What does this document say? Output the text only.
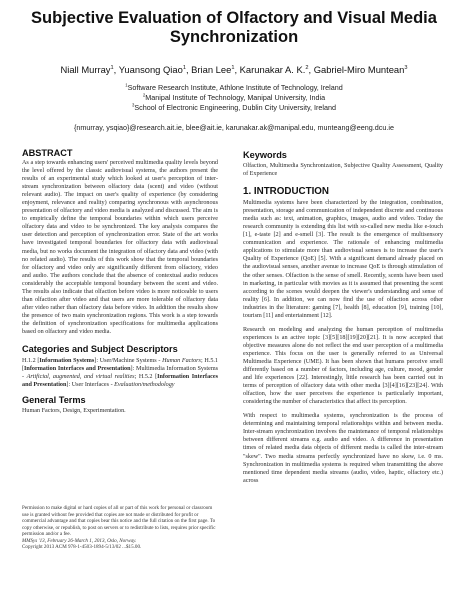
Subjective Evaluation of Olfactory and Visual Media Synchronization
Niall Murray$^1$, Yuansong Qiao$^1$, Brian Lee$^1$, Karunakar A. K.$^2$, Gabriel-Miro Muntean$^3$
$^1$Software Research Institute, Athlone Institute of Technology, Ireland
$^2$Manipal Institute of Technology, Manipal University, India
$^3$School of Electronic Engineering, Dublin City University, Ireland
{nmurray, ysqiao}@research.ait.ie, blee@ait.ie, karunakar.ak@manipal.edu, munteang@eeng.dcu.ie
ABSTRACT
As a step towards enhancing users' perceived multimedia quality levels beyond the level offered by the classic audiovisual systems, the authors present the results of an experimental study which looked at user's perception of inter-stream synchronization between olfactory data (scent) and video (without relevant audio). The impact on user's quality of experience (by considering enjoyment, relevance and reality) comparing synchronous with asynchronous presentation of olfactory and video media is analyzed and discussed. The aim is to empirically define the temporal boundaries within which users perceive olfactory data and video to be synchronized. The key analysis compares the user detection and perception of synchronization error. State of the art works have investigated temporal boundaries for olfactory data with audiovisual media, but no works document the integration of olfactory data and video (with no related audio). The results of this work show that the temporal boundaries for olfactory and video only are significantly different from olfactory, video and audio. The authors conclude that the absence of contextual audio reduces considerably the acceptable temporal boundary between the scent and video. The results also indicate that olfaction before video is more noticeable to users than olfaction after video and that users are more tolerable of olfactory data after video rather than olfactory data before video. In addition the results show the presence of two main synchronization regions. This work is a step towards the definition of synchronization specifications for multimedia applications based on olfactory and video media.
Categories and Subject Descriptors
H.1.2 [Information Systems]: User/Machine Systems - Human Factors; H.5.1 [Information Interfaces and Presentation]: Multimedia Information Systems - Artificial, augmented, and virtual realities; H.5.2 [Information Interfaces and Presentation]: User Interfaces - Evaluation/methodology
General Terms
Human Factors, Design, Experimentation.

Permission to make digital or hard copies of all or part of this work for personal or classroom use is granted without fee provided that copies are not made or distributed for profit or commercial advantage and that copies bear this notice and the full citation on the first page. To copy otherwise, or republish, to post on servers or to redistribute to lists, requires prior specific permission and/or a fee.

MMSys '13, February 26-March 1, 2013, Oslo, Norway.

Copyright 2013 ACM 978-1-4503-1894-5/13/02 ...$15.00.

Keywords
Olfaction, Multimedia Synchronization, Subjective Quality Assessment, Quality of Experience
1. INTRODUCTION

Multimedia systems have been characterized by the integration, combination, presentation, storage and communication of independent discrete and continuous media such as: text, animation, graphics, images, audio and video. Today the research community is extending this list with so-called new media like e-touch [1], e-taste [2] and e-smell [3]. The result is the emergence of multisensory communication and experience. The rationale of enhancing multimedia applications to stimulate more than audiovisual senses is to increase the user's Quality of Experience (QoE) [5]. With a significant demand already placed on the audiovisual senses, another avenue to increase QoE is through stimulation of the other senses. Olfaction is the sense of smell. Recently, scents have been used in marketing, in particular with movies as it is assumed that presenting the scent according to the scenes would deepen the viewer's understanding and sense of reality [6]. In addition, we can now find the use of olfaction across other industries in the literature: gaming [7], health [8], education [9], training [10], tourism [11] and entertainment [12].

Research on modeling and analyzing the human perception of multimedia experiences is an active topic [3][5][18][19][20][21]. It is now accepted that objective measures alone do not reflect the end user perception of a multimedia experience. This focus on the user is generally referred to as Universal Multimedia Experience (UME). It has been shown that humans perceive smell differently based on a number of factors, including age, culture, mood, gender and life experiences [22]. Interestingly, little research has been carried out in terms of perception of olfactory data with other media [3][4][16][23][24]. With olfaction, how the user perceives the experience is particularly important, considering the number of characteristics that affect its perception.

With respect to multimedia systems, synchronization is the process of determining and maintaining temporal relationships within and between media. Inter-stream synchronization involves the maintenance of temporal relationships between different streams e.g. audio and video. A difference in presentation times of related media data objects of different media is called the inter-stream "skew". Two media streams perfectly synchronized have no skew, i.e. 0 ms. Synchronization in multimedia systems is required when transmitting the above mentioned time dependent media streams (audio, video, haptic, olfactory etc.) across
